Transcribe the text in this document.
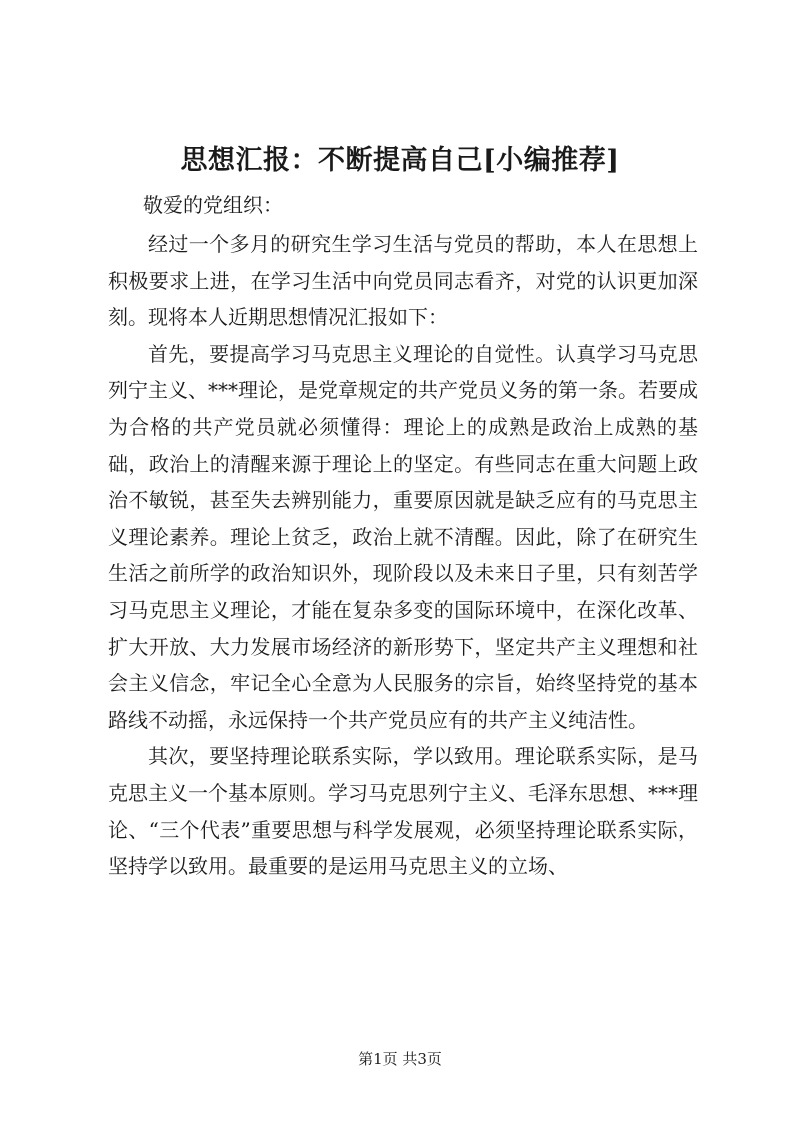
思想汇报：不断提高自己[小编推荐]
敬爱的党组织：

经过一个多月的研究生学习生活与党员的帮助，本人在思想上积极要求上进，在学习生活中向党员同志看齐，对党的认识更加深刻。现将本人近期思想情况汇报如下：

首先，要提高学习马克思主义理论的自觉性。认真学习马克思列宁主义、***理论，是党章规定的共产党员义务的第一条。若要成为合格的共产党员就必须懂得：理论上的成熟是政治上成熟的基础，政治上的清醒来源于理论上的坚定。有些同志在重大问题上政治不敏锐，甚至失去辨别能力，重要原因就是缺乏应有的马克思主义理论素养。理论上贫乏，政治上就不清醒。因此，除了在研究生生活之前所学的政治知识外，现阶段以及未来日子里，只有刻苦学习马克思主义理论，才能在复杂多变的国际环境中，在深化改革、扩大开放、大力发展市场经济的新形势下，坚定共产主义理想和社会主义信念，牢记全心全意为人民服务的宗旨，始终坚持党的基本路线不动摇，永远保持一个共产党员应有的共产主义纯洁性。

其次，要坚持理论联系实际，学以致用。理论联系实际，是马克思主义一个基本原则。学习马克思列宁主义、毛泽东思想、***理论、“三个代表”重要思想与科学发展观，必须坚持理论联系实际，坚持学以致用。最重要的是运用马克思主义的立场、

第1页 共3页
